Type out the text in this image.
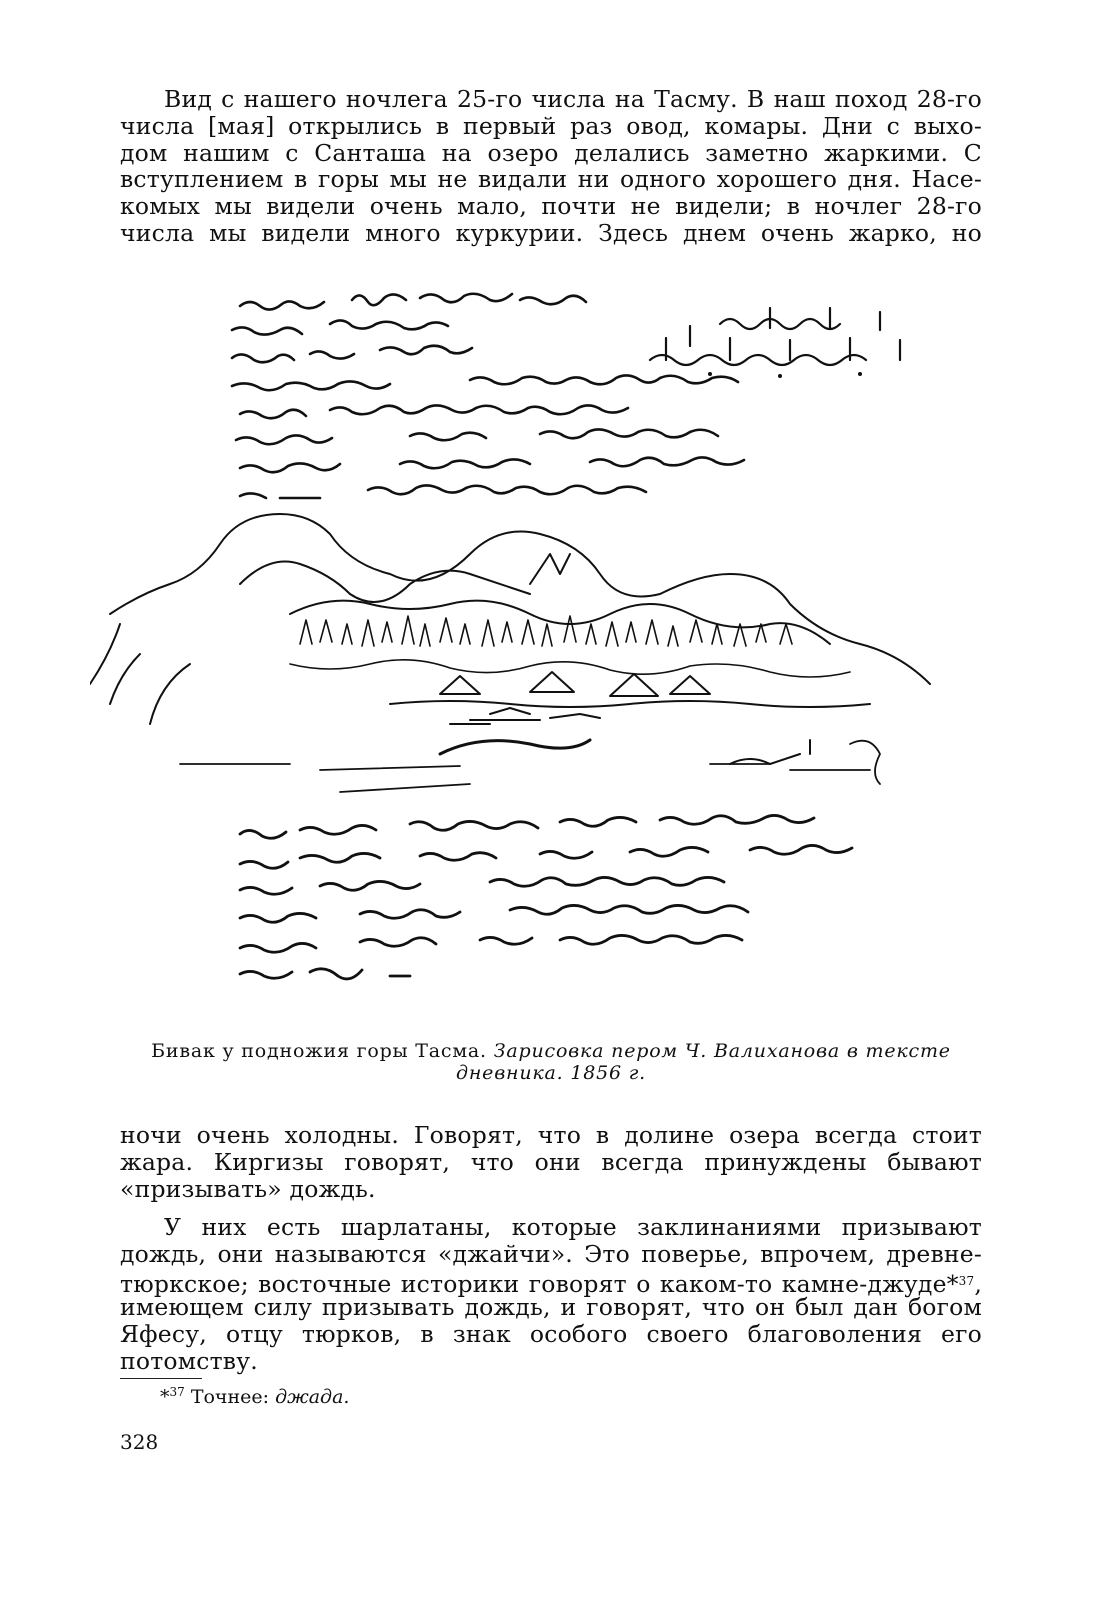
Вид с нашего ночлега 25-го числа на Тасму. В наш поход 28-го
числа [мая] открылись в первый раз овод, комары. Дни с выхо-
дом нашим с Санташа на озеро делались заметно жаркими. С
вступлением в горы мы не видали ни одного хорошего дня. Насе-
комых мы видели очень мало, почти не видели; в ночлег 28-го
числа мы видели много куркурии. Здесь днем очень жарко, но
Бивак у подножия горы Тасма. Зарисовка пером Ч. Валиханова в тексте
дневника. 1856 г.
ночи очень холодны. Говорят, что в долине озера всегда стоит
жара. Киргизы говорят, что они всегда принуждены бывают
«призывать» дождь.
У них есть шарлатаны, которые заклинаниями призывают
дождь, они называются «джайчи». Это поверье, впрочем, древне-
тюркское; восточные историки говорят о каком-то камне-джуде*$^{37}$,
имеющем силу призывать дождь, и говорят, что он был дан богом
Яфесу, отцу тюрков, в знак особого своего благоволения его
потомству.
*$^{37}$ Точнее: джада.
328
